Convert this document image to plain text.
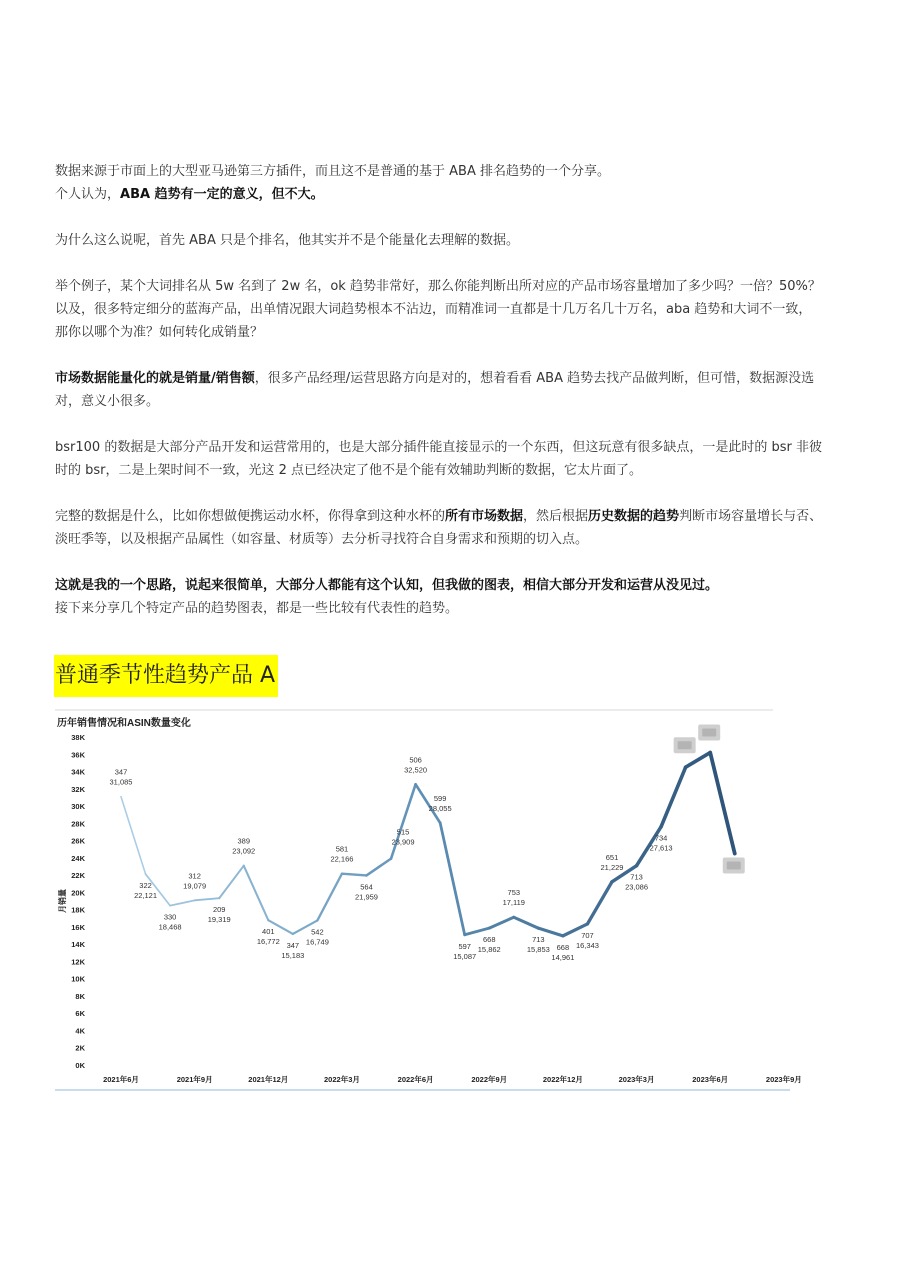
数据来源于市面上的大型亚马逊第三方插件，而且这不是普通的基于 ABA 排名趋势的一个分享。

个人认为，ABA 趋势有一定的意义，但不大。

为什么这么说呢，首先 ABA 只是个排名，他其实并不是个能量化去理解的数据。

举个例子，某个大词排名从 5w 名到了 2w 名，ok 趋势非常好，那么你能判断出所对应的产品市场容量增加了多少吗？一倍？50%？

以及，很多特定细分的蓝海产品，出单情况跟大词趋势根本不沾边，而精准词一直都是十几万名几十万名，aba 趋势和大词不一致，

那你以哪个为准？如何转化成销量？

市场数据能量化的就是销量/销售额，很多产品经理/运营思路方向是对的，想着看看 ABA 趋势去找产品做判断，但可惜，数据源没选

对，意义小很多。

bsr100 的数据是大部分产品开发和运营常用的，也是大部分插件能直接显示的一个东西，但这玩意有很多缺点，一是此时的 bsr 非彼

时的 bsr，二是上架时间不一致，光这 2 点已经决定了他不是个能有效辅助判断的数据，它太片面了。

完整的数据是什么，比如你想做便携运动水杯，你得拿到这种水杯的所有市场数据，然后根据历史数据的趋势判断市场容量增长与否、

淡旺季等，以及根据产品属性（如容量、材质等）去分析寻找符合自身需求和预期的切入点。

这就是我的一个思路，说起来很简单，大部分人都能有这个认知，但我做的图表，相信大部分开发和运营从没见过。

接下来分享几个特定产品的趋势图表，都是一些比较有代表性的趋势。

普通季节性趋势产品 A
历年销售情况和ASIN数量变化
月销量
0K
2K
4K
6K
8K
10K
12K
14K
16K
18K
20K
22K
24K
26K
28K
30K
32K
34K
36K
38K
2021年6月	2021年9月	2021年12月	2022年3月	2022年6月	2022年9月	2022年12月	2023年3月	2023年6月	2023年9月
347
31,085
322
22,121
330
18,468
312
19,079
209
19,319
389
23,092
401
16,772 347
15,183
542
16,749
581
22,166
564
21,959
515
23,909
506
32,520
599
28,055
597
15,087
668
15,862
753
17,119
713
15,853 668
14,961
707
16,343
651
21,229
713
23,086
734
27,613
